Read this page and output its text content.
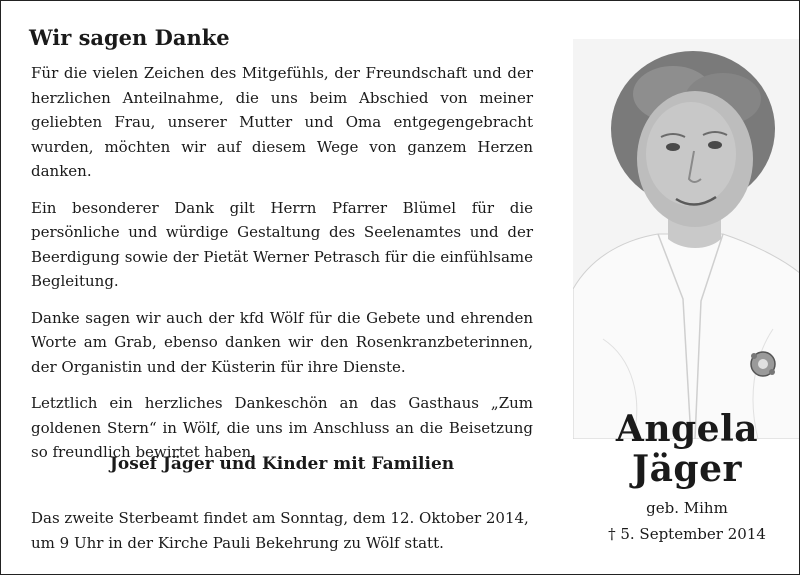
Wir sagen Danke

Für die vielen Zeichen des Mitgefühls, der Freundschaft und der herzlichen Anteilnahme, die uns beim Abschied von meiner geliebten Frau, unserer Mutter und Oma entgegengebracht wurden, möchten wir auf diesem Wege von ganzem Herzen danken.

Ein besonderer Dank gilt Herrn Pfarrer Blümel für die persönliche und würdige Gestaltung des Seelenamtes und der Beerdigung sowie der Pietät Werner Petrasch für die einfühlsame Begleitung.

Danke sagen wir auch der kfd Wölf für die Gebete und ehrenden Worte am Grab, ebenso danken wir den Rosenkranzbeterinnen, der Organistin und der Küsterin für ihre Dienste.

Letztlich ein herzliches Dankeschön an das Gasthaus „Zum goldenen Stern“ in Wölf, die uns im Anschluss an die Beisetzung so freundlich bewirtet haben.

Josef Jäger und Kinder mit Familien
Das zweite Sterbeamt findet am Sonntag, dem 12. Oktober 2014,
um 9 Uhr in der Kirche Pauli Bekehrung zu Wölf statt.
Angela
Jäger
geb. Mihm
† 5. September 2014
